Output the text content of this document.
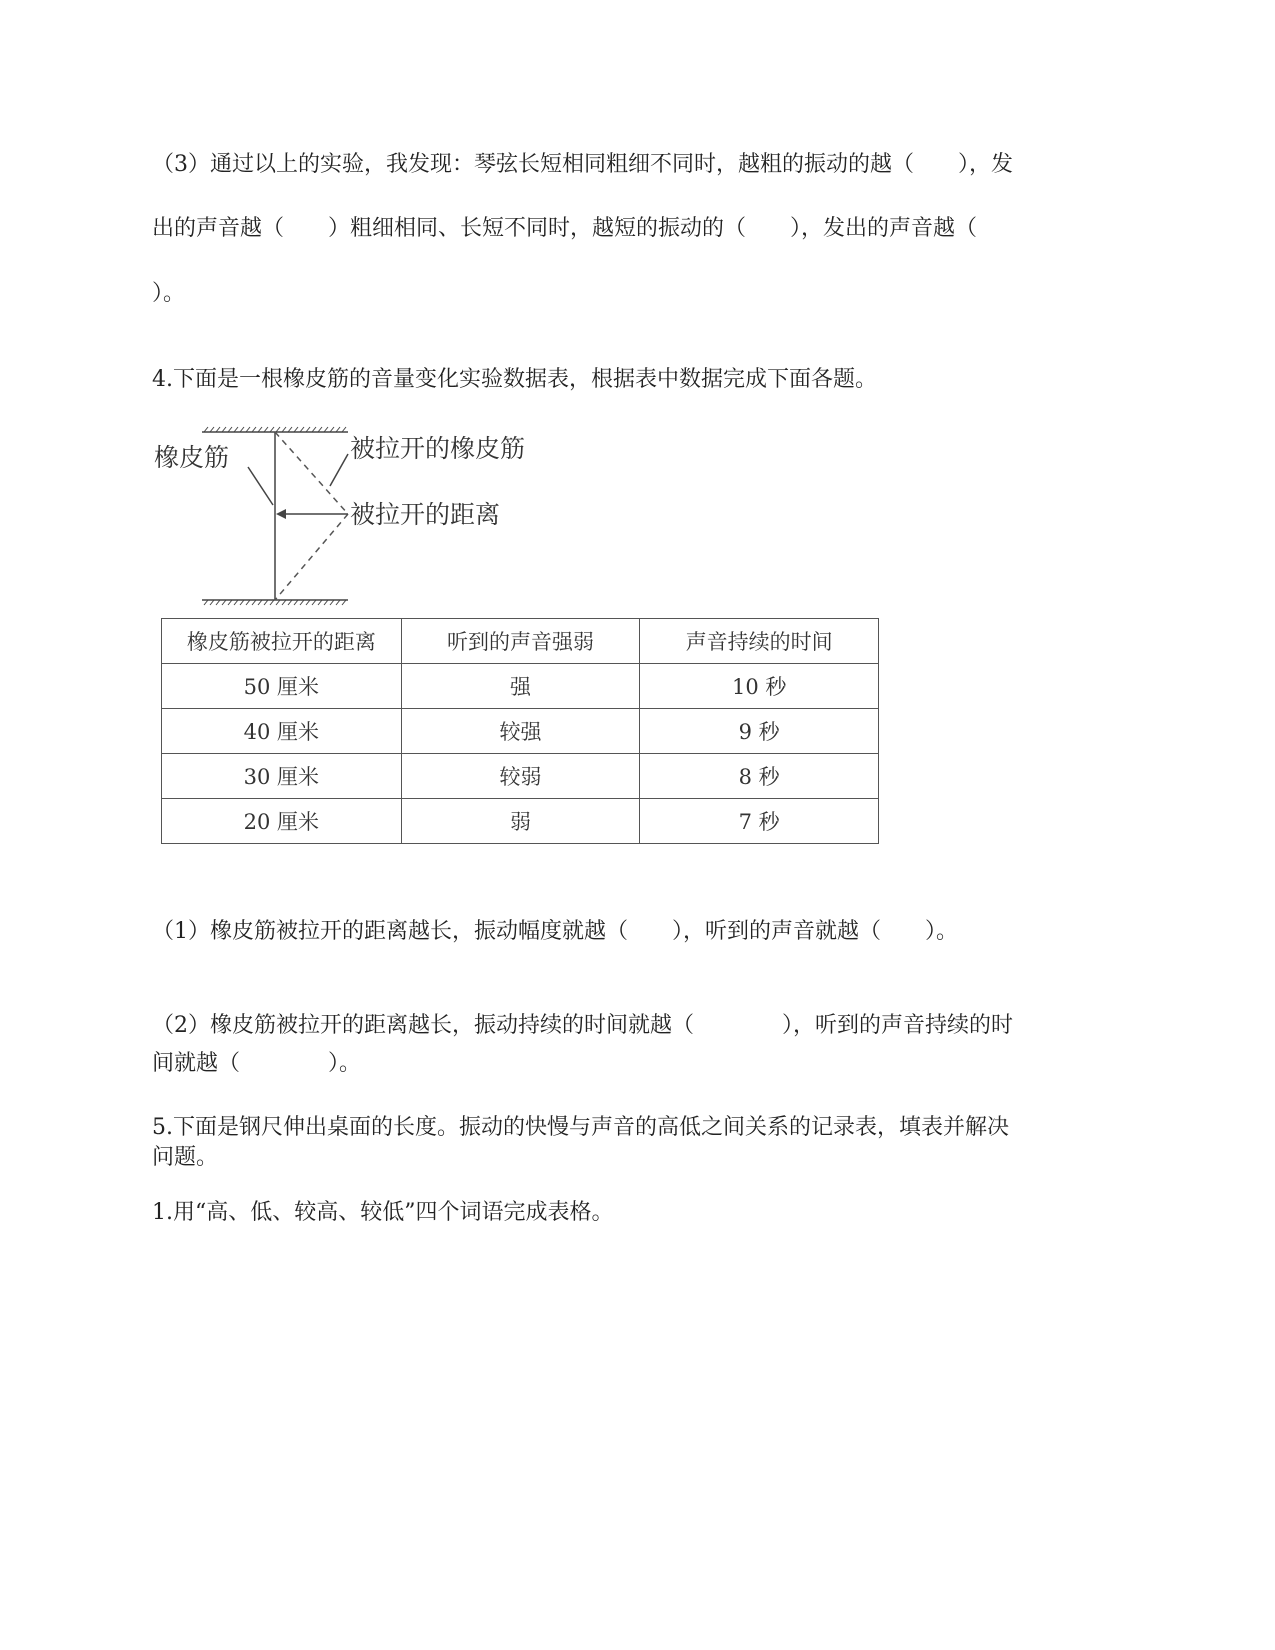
（3）通过以上的实验，我发现：琴弦长短相同粗细不同时，越粗的振动的越（　　），发
出的声音越（　　）粗细相同、长短不同时，越短的振动的（　　），发出的声音越（
）。
4.下面是一根橡皮筋的音量变化实验数据表，根据表中数据完成下面各题。
橡皮筋	被拉开的橡皮筋
被拉开的距离
橡皮筋被拉开的距离	听到的声音强弱	声音持续的时间
50 厘米	强	10 秒
40 厘米	较强	9 秒
30 厘米	较弱	8 秒
20 厘米	弱	7 秒
（1）橡皮筋被拉开的距离越长，振动幅度就越（　　），听到的声音就越（　　）。
（2）橡皮筋被拉开的距离越长，振动持续的时间就越（　　　　），听到的声音持续的时
间就越（　　　　）。
5.下面是钢尺伸出桌面的长度。振动的快慢与声音的高低之间关系的记录表，填表并解决
问题。
1.用“高、低、较高、较低”四个词语完成表格。
